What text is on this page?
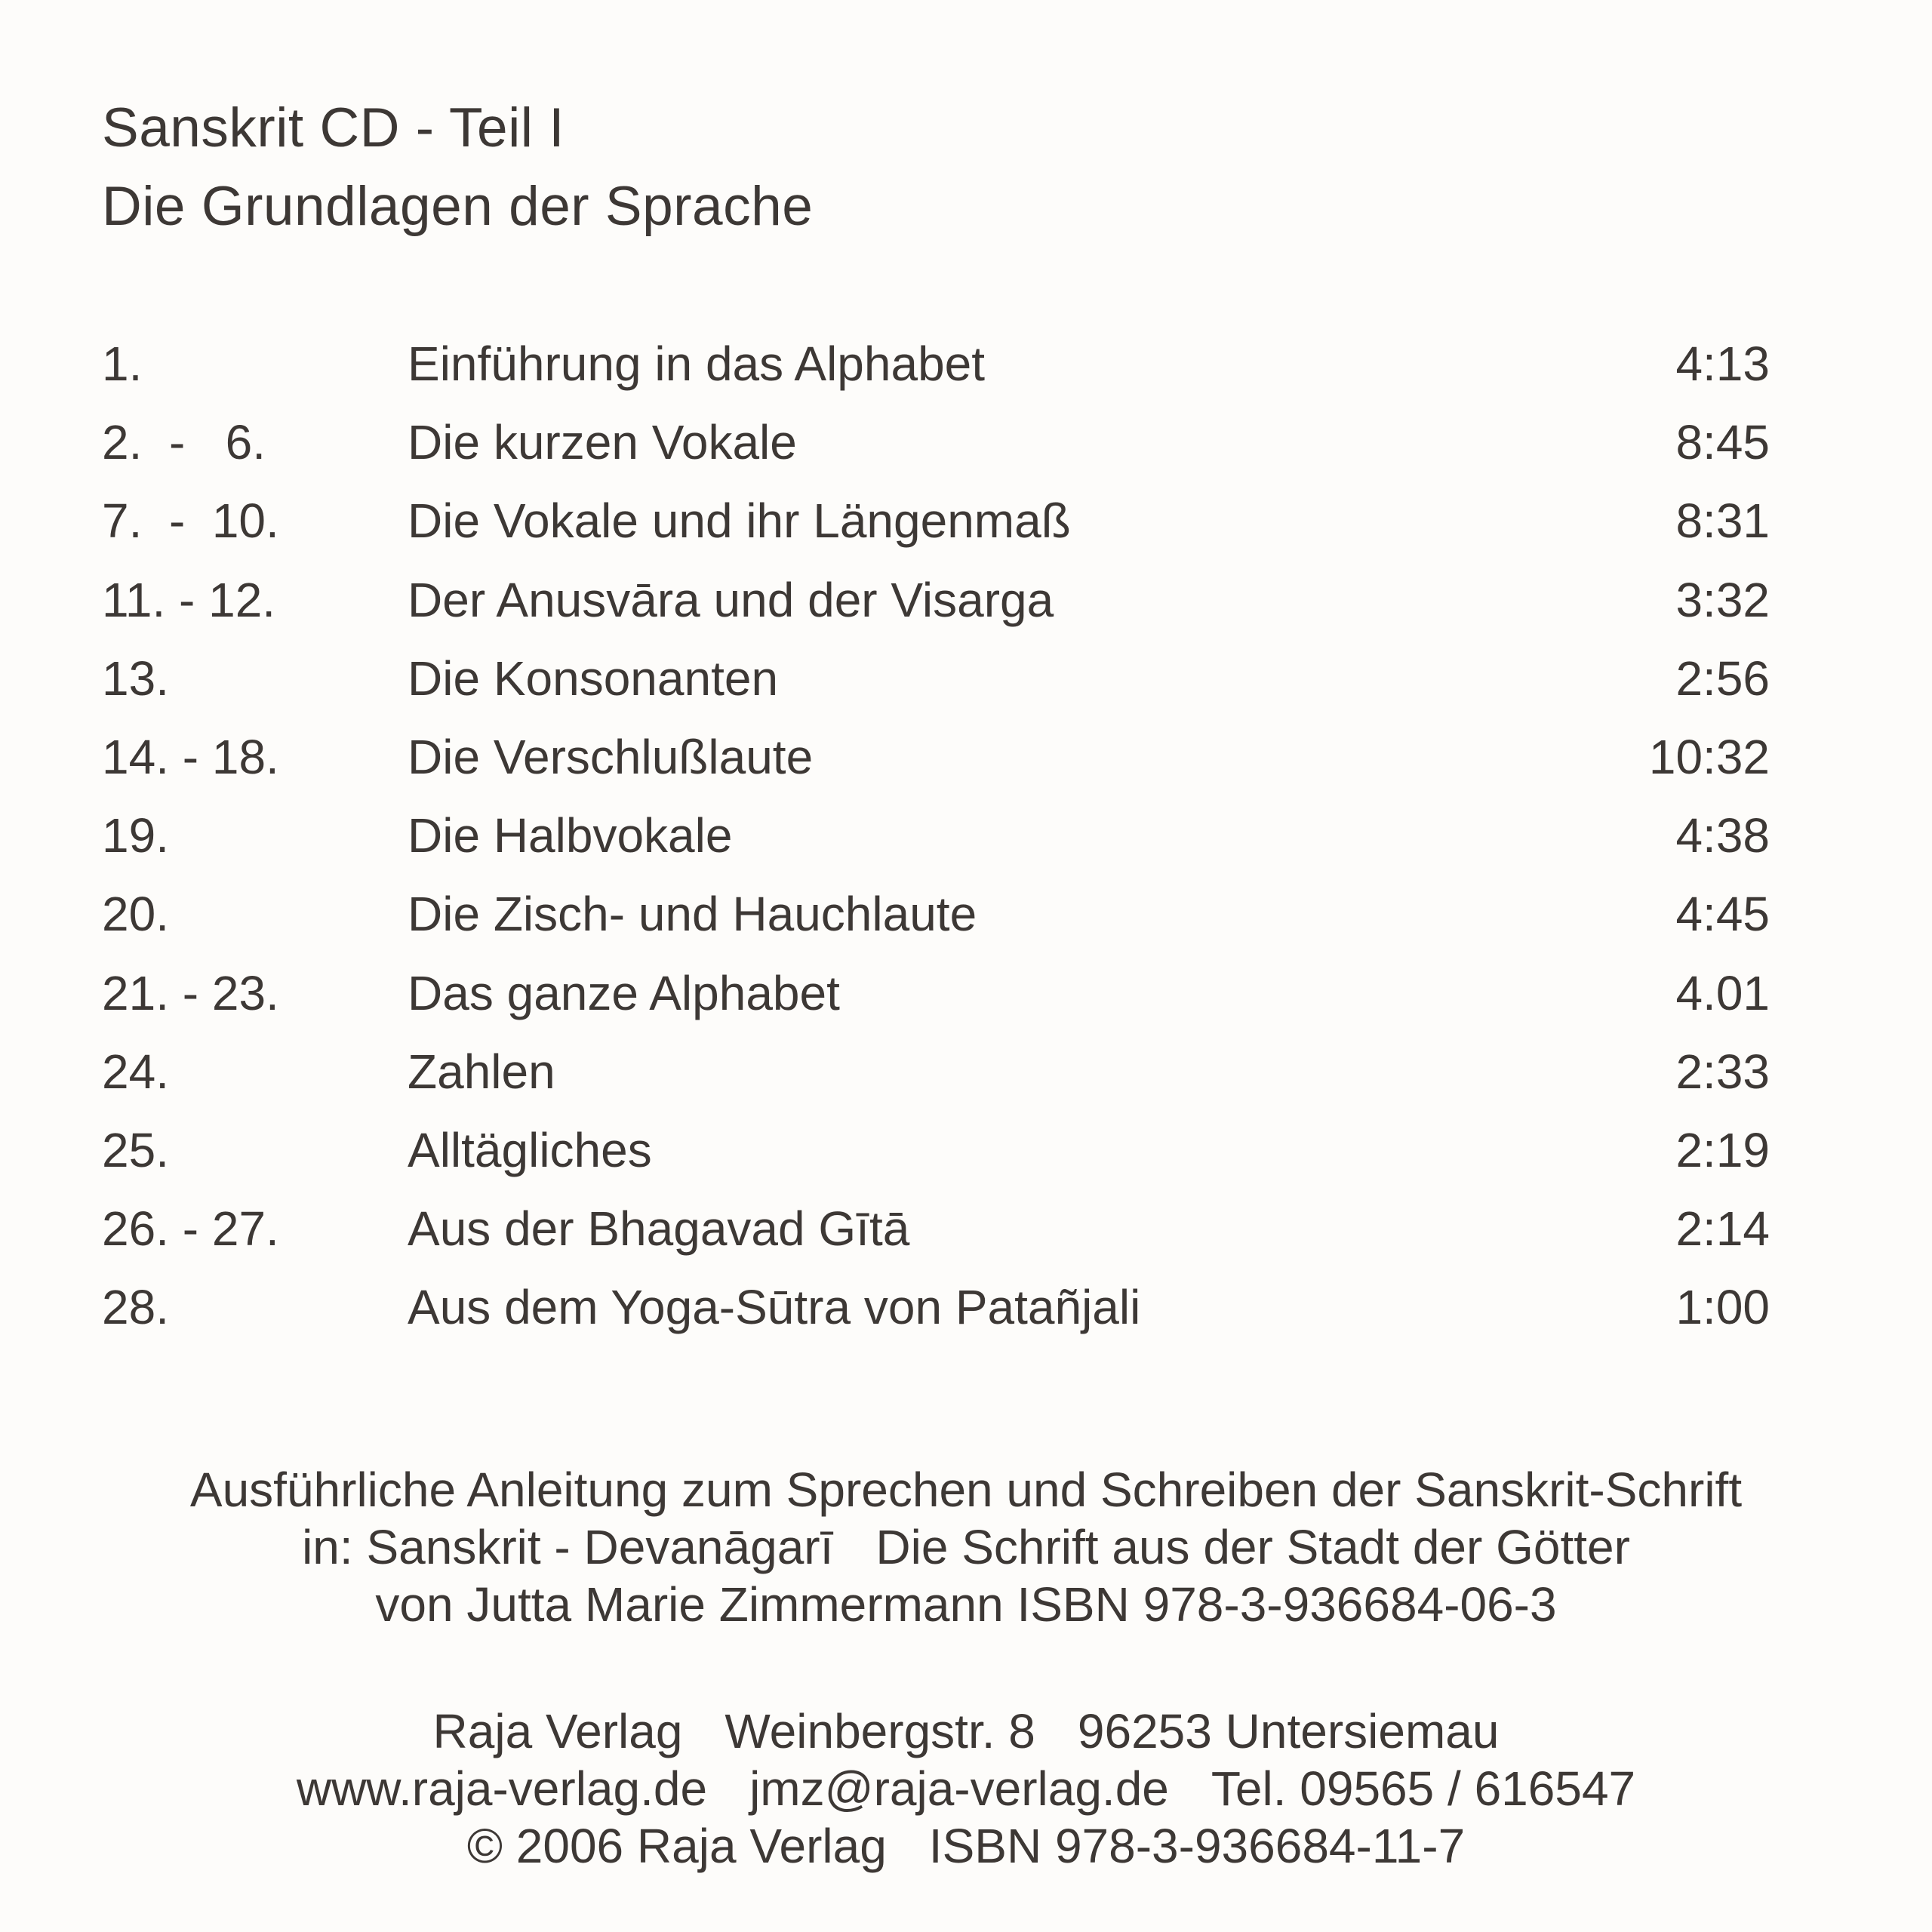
Sanskrit CD - Teil I
Die Grundlagen der Sprache
1.	Einführung in das Alphabet	4:13
2.  -   6.	Die kurzen Vokale	8:45
7.  -  10.	Die Vokale und ihr Längenmaß	8:31
11. - 12.	Der Anusvāra und der Visarga	3:32
13.	Die Konsonanten	2:56
14. - 18.	Die Verschlußlaute	10:32
19.	Die Halbvokale	4:38
20.	Die Zisch- und Hauchlaute	4:45
21. - 23.	Das ganze Alphabet	4.01
24.	Zahlen	2:33
25.	Alltägliches	2:19
26. - 27.	Aus der Bhagavad Gītā	2:14
28.	Aus dem Yoga-Sūtra von Patañjali	1:00
Ausführliche Anleitung zum Sprechen und Schreiben der Sanskrit-Schrift
in: Sanskrit - Devanāgarī Die Schrift aus der Stadt der Götter
von Jutta Marie Zimmermann ISBN 978-3-936684-06-3
Raja Verlag Weinbergstr. 8 96253 Untersiemau
www.raja-verlag.de jmz@raja-verlag.de Tel. 09565 / 616547
© 2006 Raja Verlag ISBN 978-3-936684-11-7
